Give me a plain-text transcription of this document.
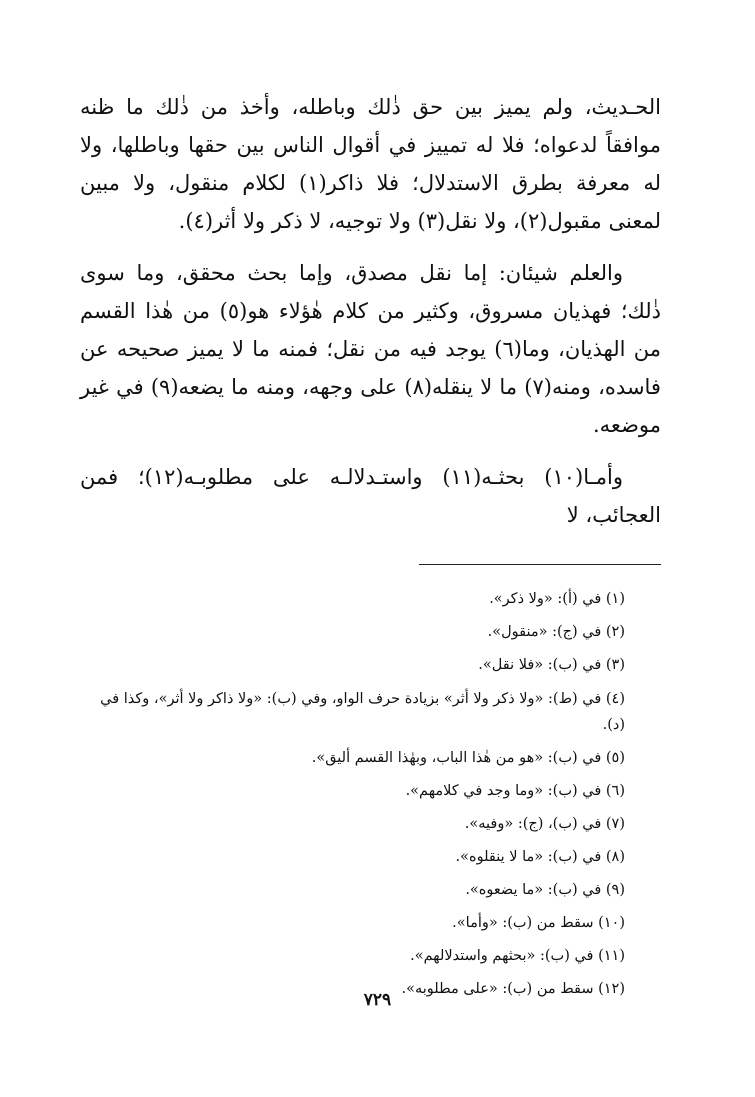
الحـديث، ولم يميز بين حق ذٰلك وباطله، وأخذ من ذٰلك ما ظنه موافقاً لدعواه؛ فلا له تمييز في أقوال الناس بين حقها وباطلها، ولا له معرفة بطرق الاستدلال؛ فلا ذاكر(١) لكلام منقول، ولا مبين لمعنى مقبول(٢)، ولا نقل(٣) ولا توجيه، لا ذكر ولا أثر(٤).

والعلم شيئان: إما نقل مصدق، وإما بحث محقق، وما سوى ذٰلك؛ فهذيان مسروق، وكثير من كلام هٰؤلاء هو(٥) من هٰذا القسم من الهذيان، وما(٦) يوجد فيه من نقل؛ فمنه ما لا يميز صحيحه عن فاسده، ومنه(٧) ما لا ينقله(٨) على وجهه، ومنه ما يضعه(٩) في غير موضعه.

وأمـا(١٠) بحثـه(١١) واستـدلالـه على مطلوبـه(١٢)؛ فمن العجائب، لا

(١) في (أ): «ولا ذكر».
(٢) في (ج): «منقول».
(٣) في (ب): «فلا نقل».
(٤) في (ط): «ولا ذكر ولا أثر» بزيادة حرف الواو، وفي (ب): «ولا ذاكر ولا أثر»، وكذا في (د).
(٥) في (ب): «هو من هٰذا الباب، وبهٰذا القسم أليق».
(٦) في (ب): «وما وجد في كلامهم».
(٧) في (ب)، (ج): «وفيه».
(٨) في (ب): «ما لا ينقلوه».
(٩) في (ب): «ما يضعوه».
(١٠) سقط من (ب): «وأما».
(١١) في (ب): «بحثهم واستدلالهم».
(١٢) سقط من (ب): «على مطلوبه».
٧٢٩
